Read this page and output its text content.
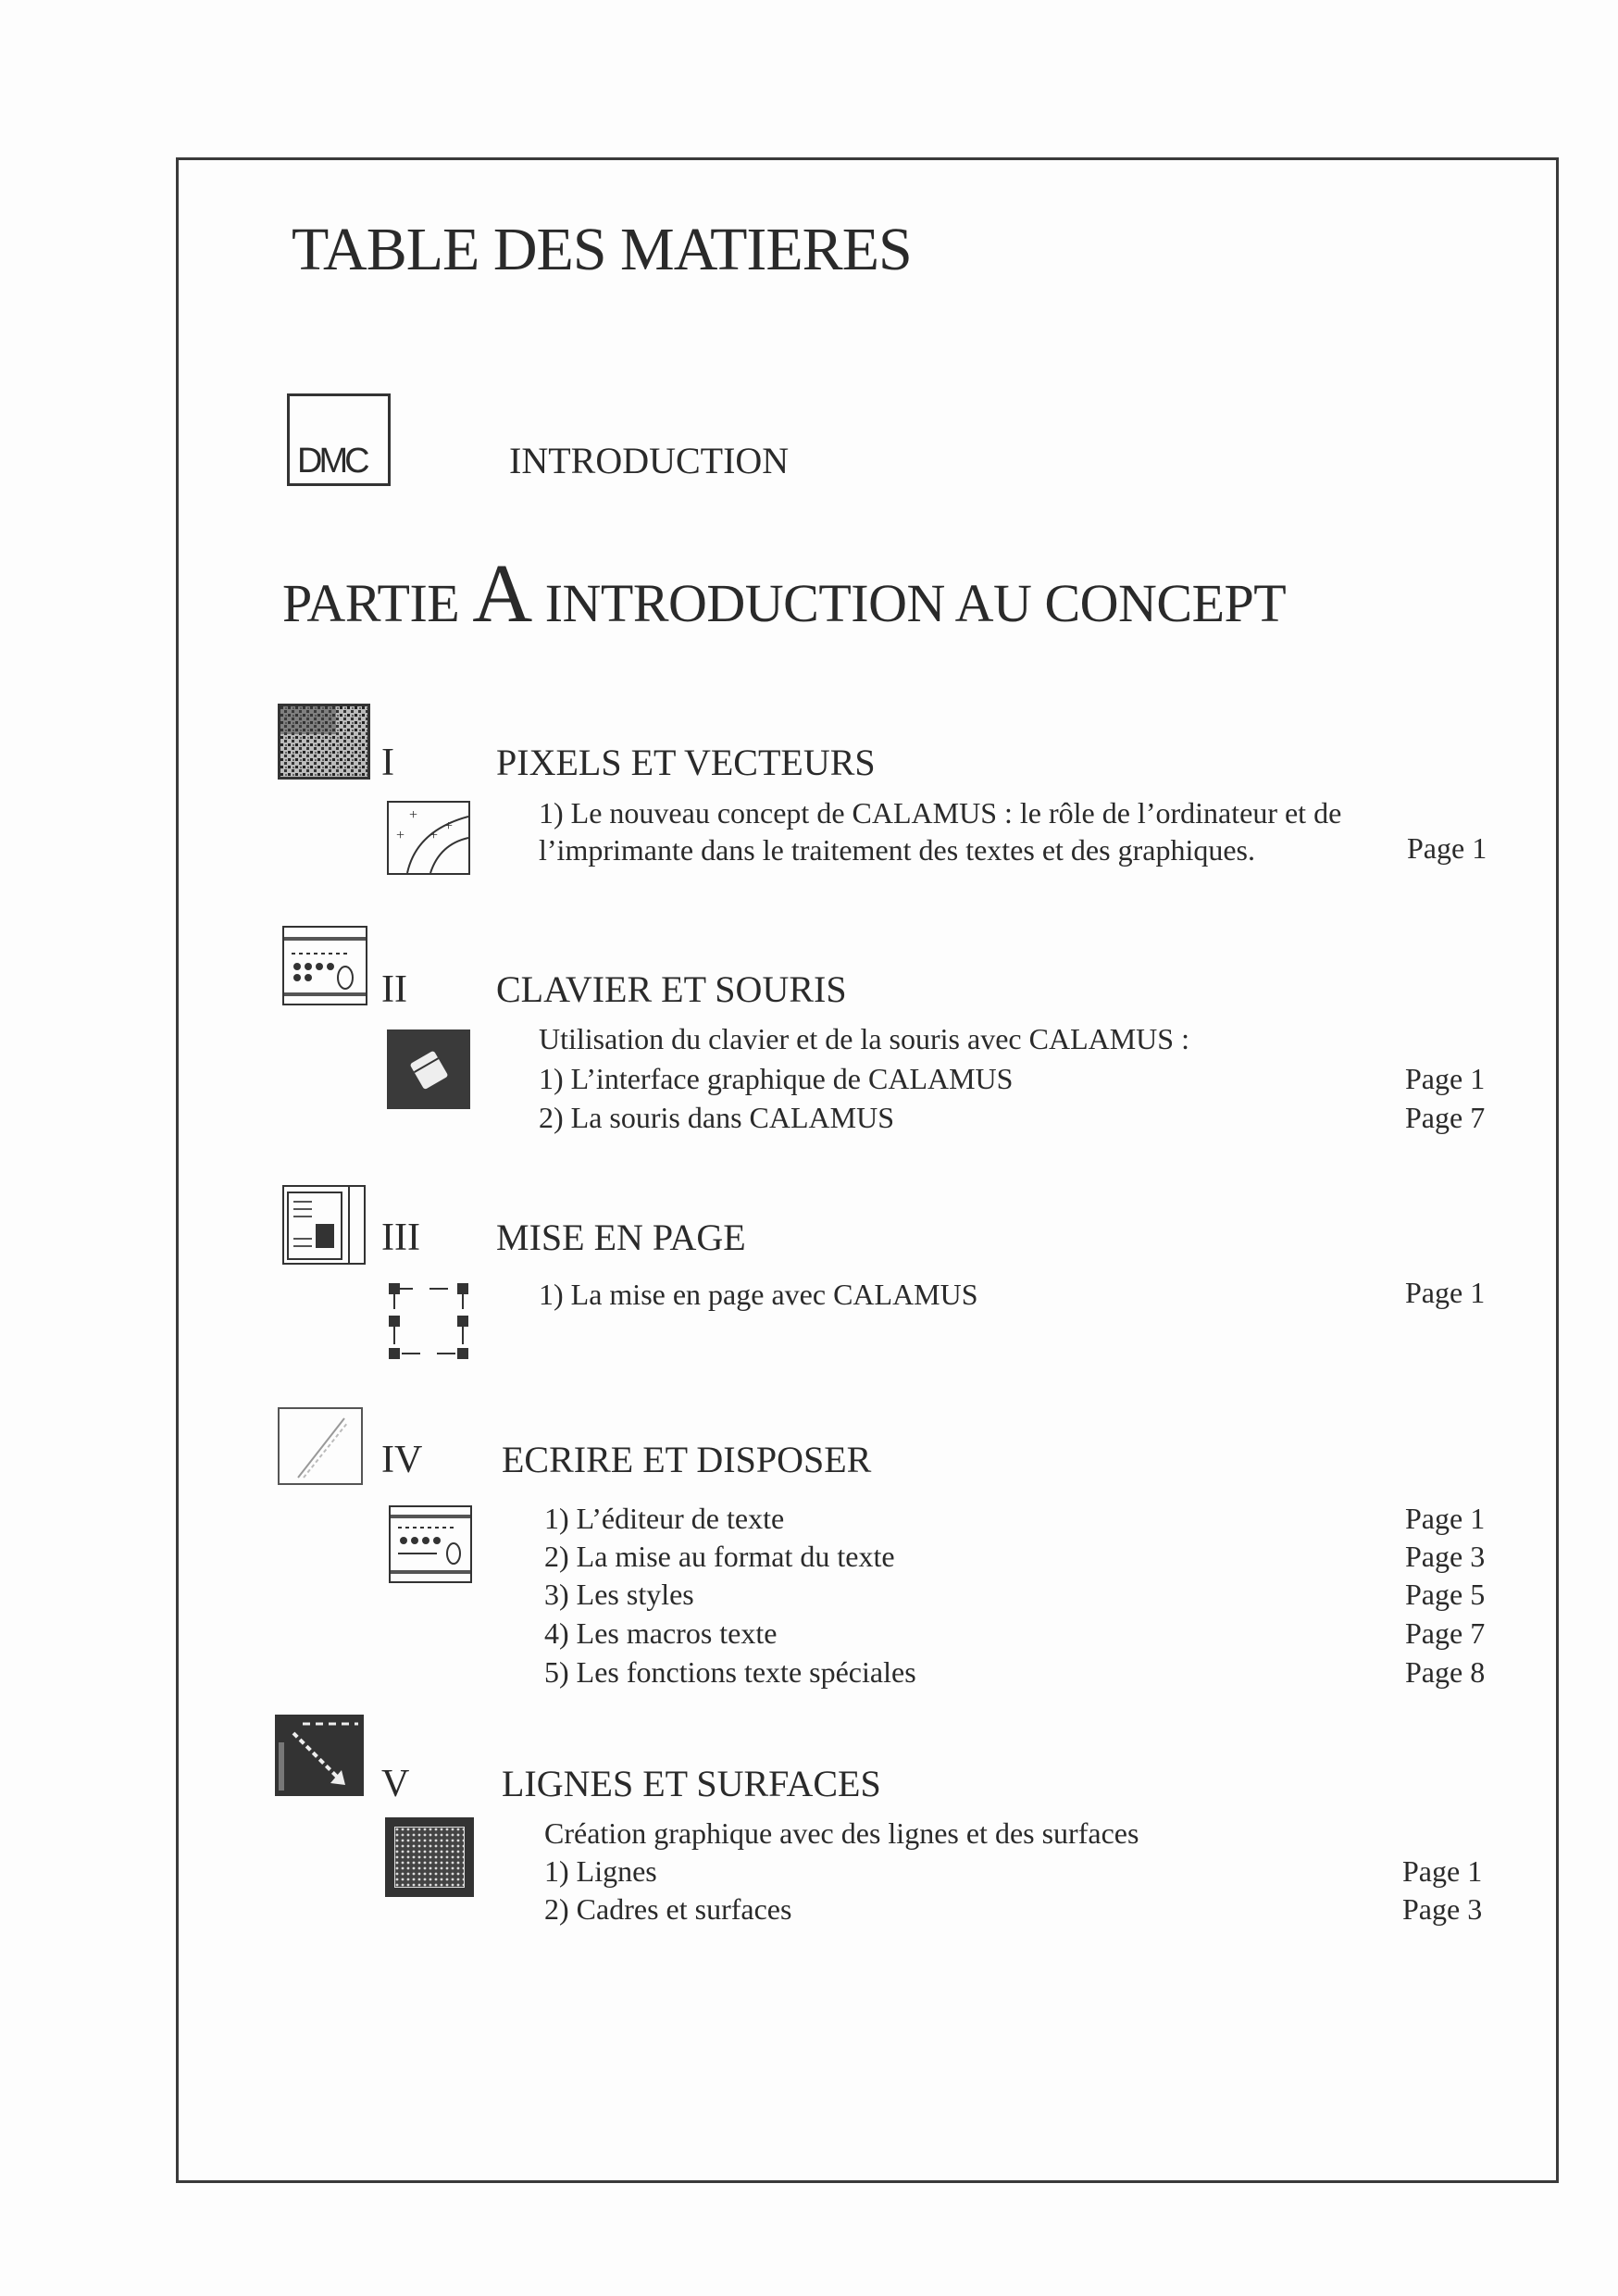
TABLE DES MATIERES
DMC	INTRODUCTION
PARTIE A INTRODUCTION AU CONCEPT
I	PIXELS ET VECTEURS
+
+
+
+
1) Le nouveau concept de CALAMUS : le rôle de l’ordinateur et de
l’imprimante dans le traitement des textes et des graphiques.	Page 1
II CLAVIER ET SOURIS
Utilisation du clavier et de la souris avec CALAMUS :
1) L’interface graphique de CALAMUS	Page 1
2) La souris dans CALAMUS	Page 7
III MISE EN PAGE
1) La mise en page avec CALAMUS	Page 1
IV ECRIRE ET DISPOSER
1) L’éditeur de texte	Page 1
2) La mise au format du texte	Page 3
3) Les styles	Page 5
4) Les macros texte	Page 7
5) Les fonctions texte spéciales	Page 8
V LIGNES ET SURFACES
Création graphique avec des lignes et des surfaces
1) Lignes	Page 1
2) Cadres et surfaces	Page 3
